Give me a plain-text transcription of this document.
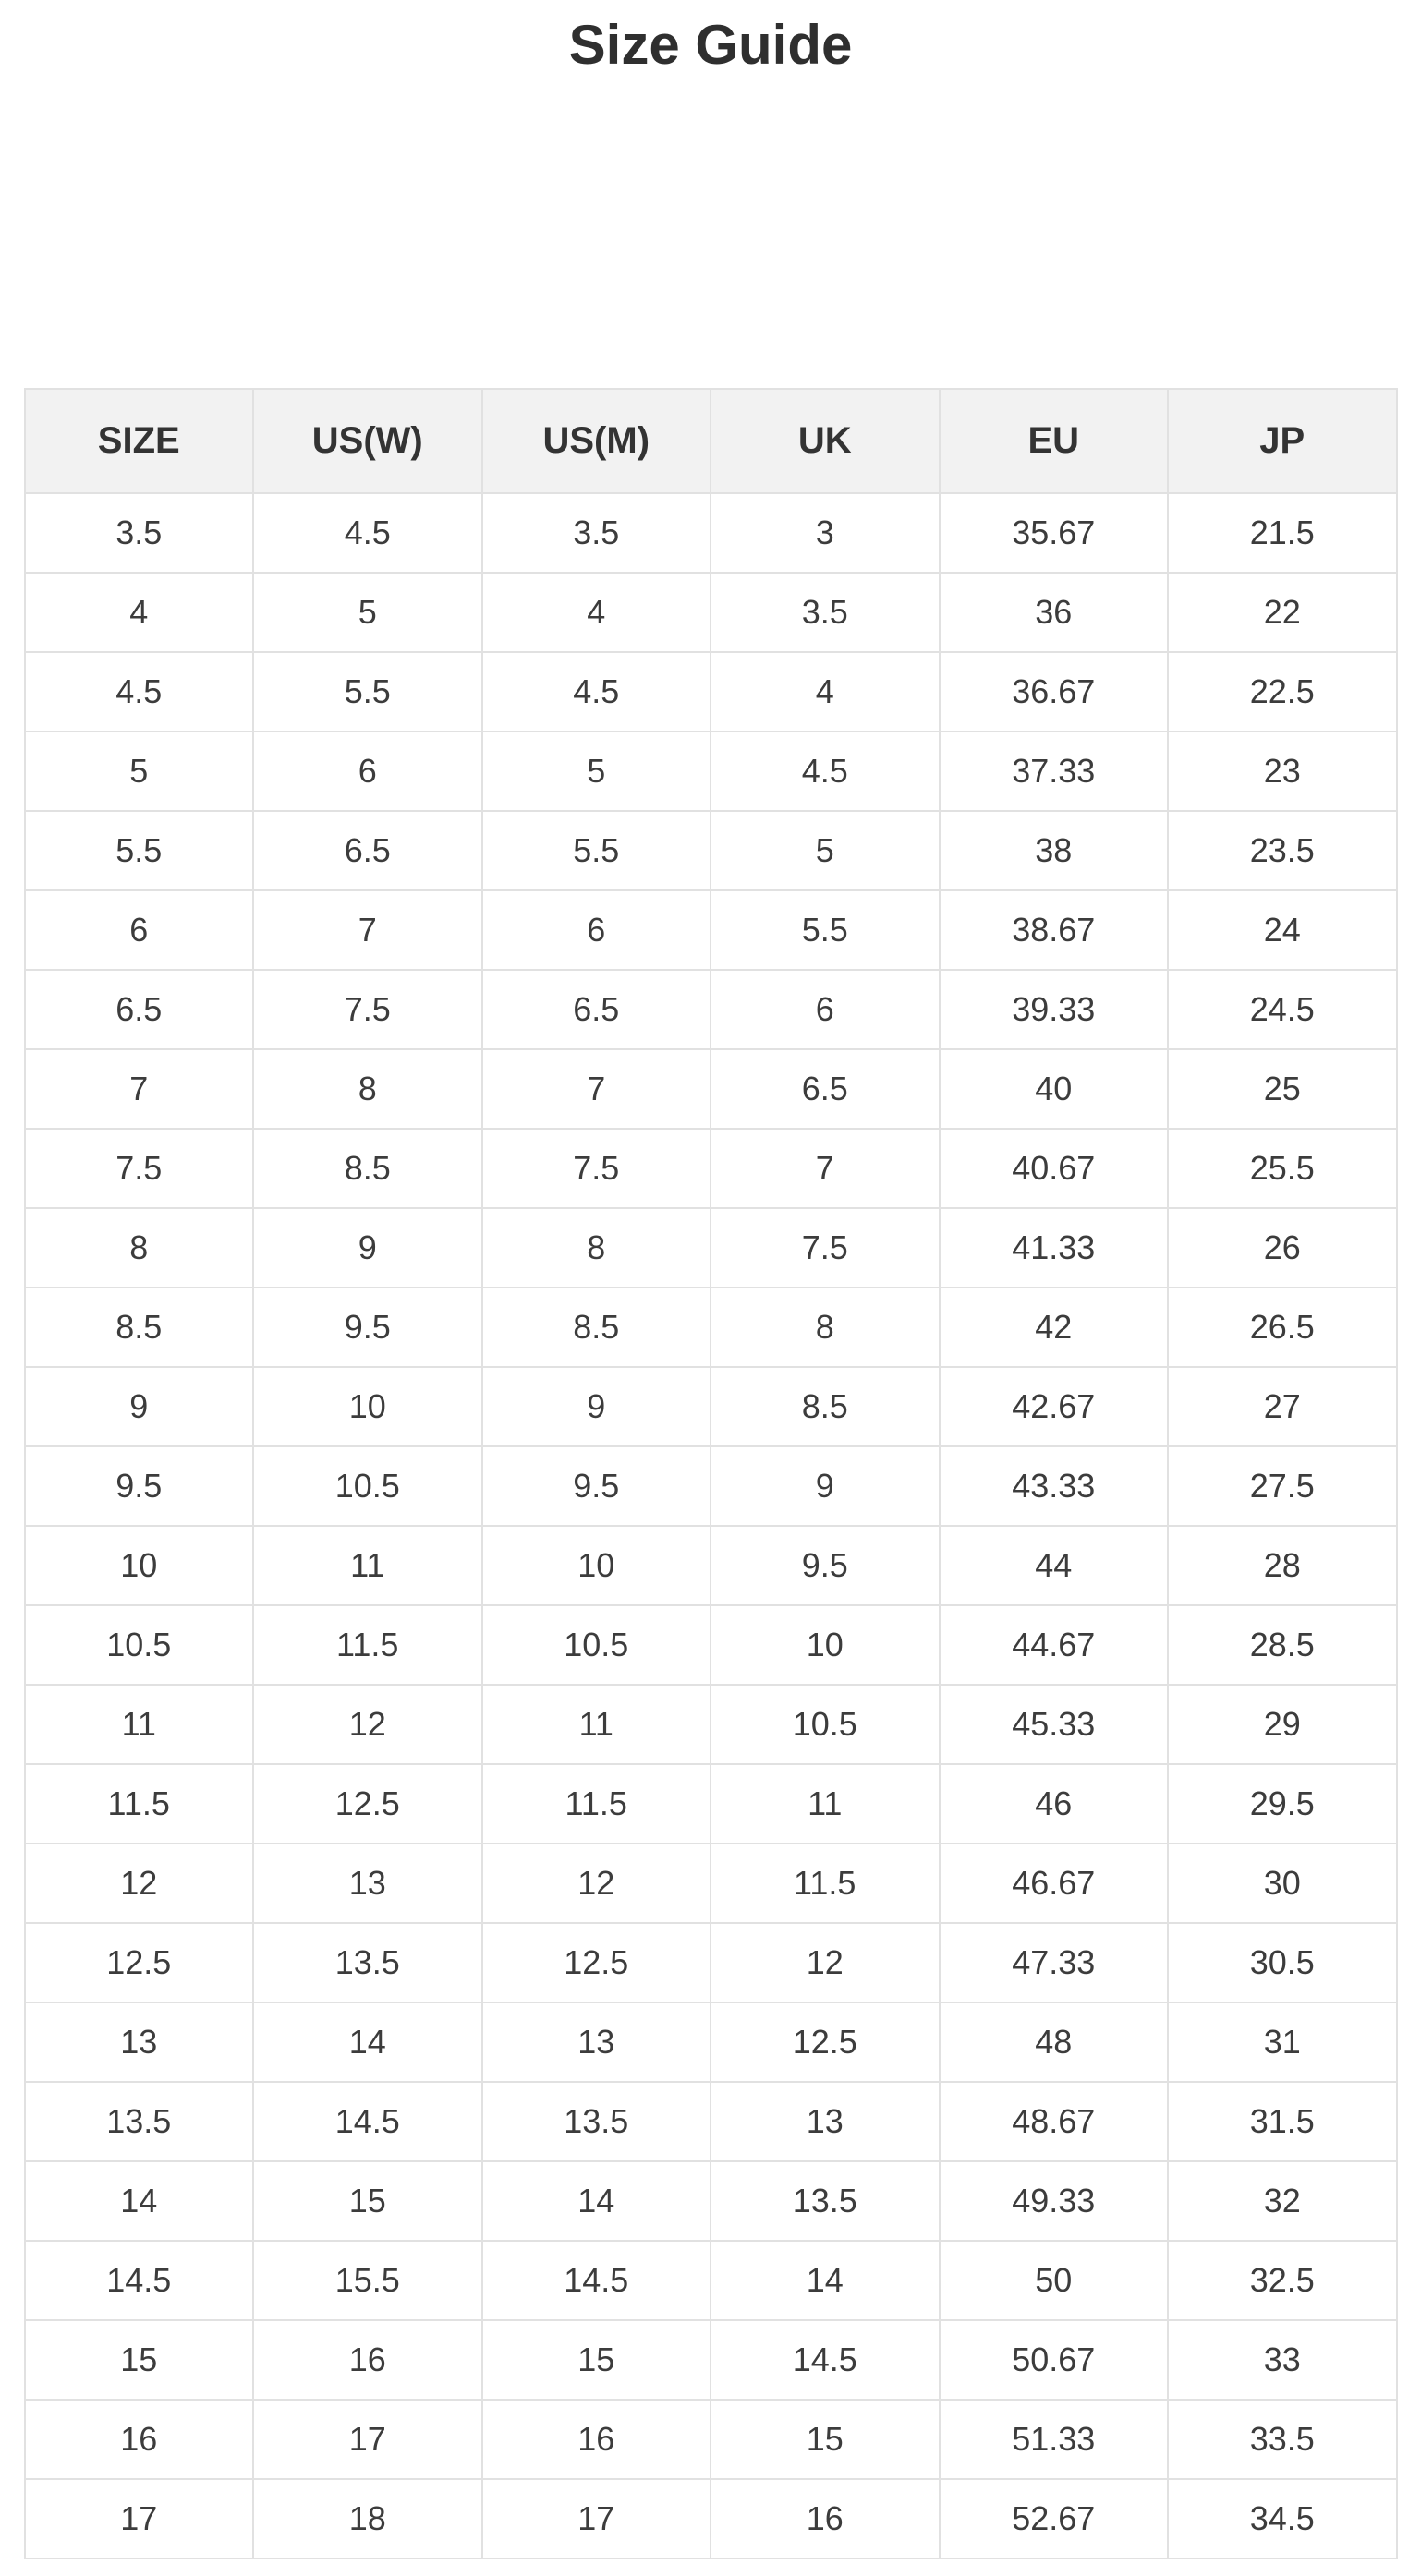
Size Guide
SIZE	US(W)	US(M)	UK	EU	JP
3.5	4.5	3.5	3	35.67	21.5
4	5	4	3.5	36	22
4.5	5.5	4.5	4	36.67	22.5
5	6	5	4.5	37.33	23
5.5	6.5	5.5	5	38	23.5
6	7	6	5.5	38.67	24
6.5	7.5	6.5	6	39.33	24.5
7	8	7	6.5	40	25
7.5	8.5	7.5	7	40.67	25.5
8	9	8	7.5	41.33	26
8.5	9.5	8.5	8	42	26.5
9	10	9	8.5	42.67	27
9.5	10.5	9.5	9	43.33	27.5
10	11	10	9.5	44	28
10.5	11.5	10.5	10	44.67	28.5
11	12	11	10.5	45.33	29
11.5	12.5	11.5	11	46	29.5
12	13	12	11.5	46.67	30
12.5	13.5	12.5	12	47.33	30.5
13	14	13	12.5	48	31
13.5	14.5	13.5	13	48.67	31.5
14	15	14	13.5	49.33	32
14.5	15.5	14.5	14	50	32.5
15	16	15	14.5	50.67	33
16	17	16	15	51.33	33.5
17	18	17	16	52.67	34.5
